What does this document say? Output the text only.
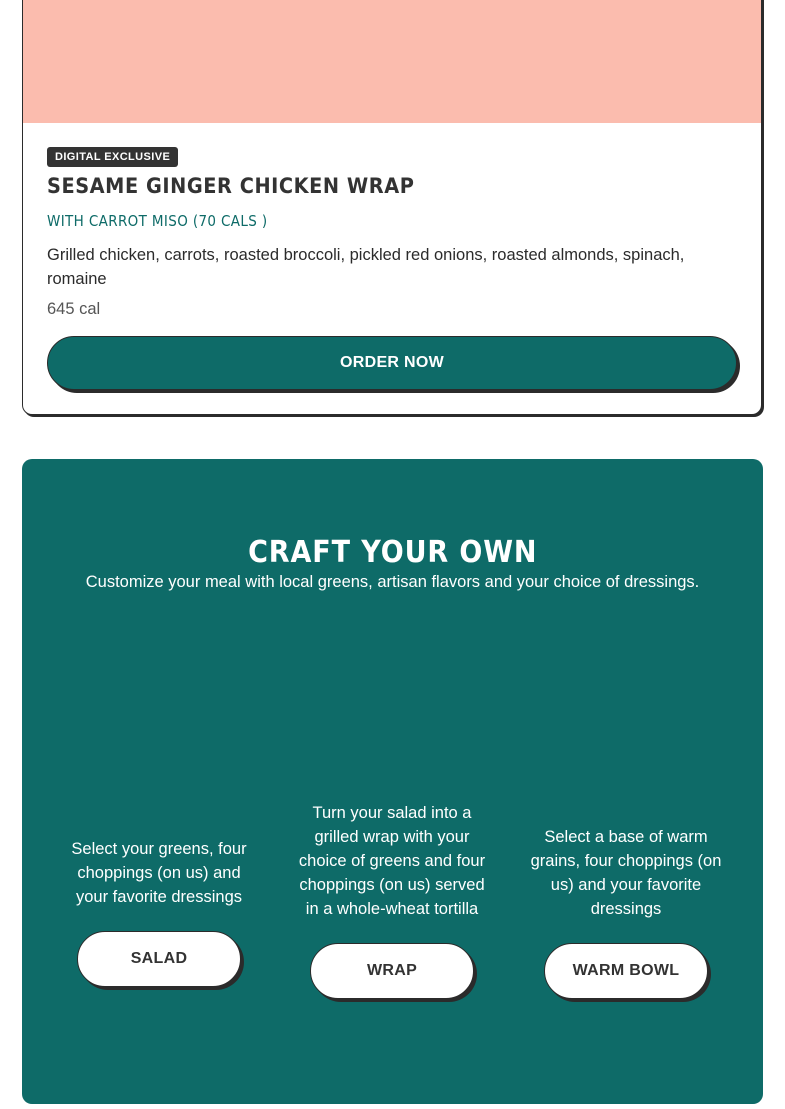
DIGITAL EXCLUSIVE
SESAME GINGER CHICKEN WRAP
WITH CARROT MISO (70 CALS )
Grilled chicken, carrots, roasted broccoli, pickled red onions, roasted almonds, spinach, romaine
645 cal
ORDER NOW
CRAFT YOUR OWN
Customize your meal with local greens, artisan flavors and your choice of dressings.
Select your greens, four choppings (on us) and your favorite dressings
SALAD
Turn your salad into a grilled wrap with your choice of greens and four choppings (on us) served in a whole-wheat tortilla
WRAP
Select a base of warm grains, four choppings (on us) and your favorite dressings
WARM BOWL
